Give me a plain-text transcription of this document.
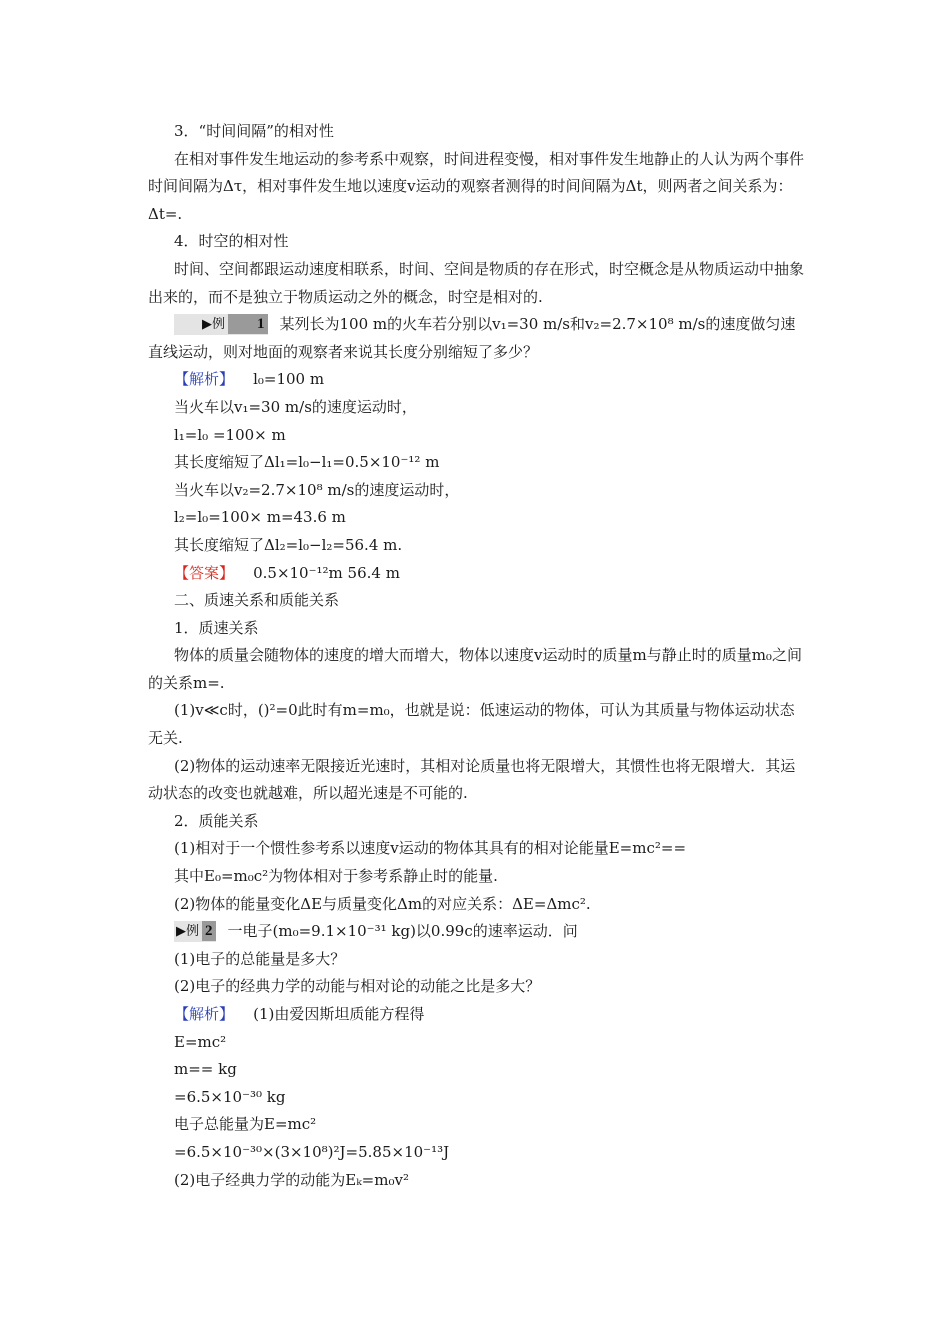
3．“时间间隔”的相对性

在相对事件发生地运动的参考系中观察，时间进程变慢，相对事件发生地静止的人认为两个事件时间间隔为Δτ，相对事件发生地以速度v运动的观察者测得的时间间隔为Δt，则两者之间关系为：Δt=.

4．时空的相对性

时间、空间都跟运动速度相联系，时间、空间是物质的存在形式，时空概念是从物质运动中抽象出来的，而不是独立于物质运动之外的概念，时空是相对的.

▶例 1 某列长为100 m的火车若分别以v₁=30 m/s和v₂=2.7×10⁸ m/s的速度做匀速直线运动，则对地面的观察者来说其长度分别缩短了多少？

【解析】 l₀=100 m

当火车以v₁=30 m/s的速度运动时，

l₁=l₀ =100× m

其长度缩短了Δl₁=l₀−l₁=0.5×10⁻¹² m

当火车以v₂=2.7×10⁸ m/s的速度运动时，

l₂=l₀=100× m=43.6 m

其长度缩短了Δl₂=l₀−l₂=56.4 m.

【答案】 0.5×10⁻¹²m 56.4 m

二、质速关系和质能关系

1．质速关系

物体的质量会随物体的速度的增大而增大，物体以速度v运动时的质量m与静止时的质量m₀之间的关系m=.

(1)v≪c时，()²=0此时有m=m₀，也就是说：低速运动的物体，可认为其质量与物体运动状态无关.

(2)物体的运动速率无限接近光速时，其相对论质量也将无限增大，其惯性也将无限增大．其运动状态的改变也就越难，所以超光速是不可能的.

2．质能关系

(1)相对于一个惯性参考系以速度v运动的物体其具有的相对论能量E=mc²==

其中E₀=m₀c²为物体相对于参考系静止时的能量.

(2)物体的能量变化ΔE与质量变化Δm的对应关系：ΔE=Δmc².

▶例 2 一电子(m₀=9.1×10⁻³¹ kg)以0.99c的速率运动．问

(1)电子的总能量是多大？

(2)电子的经典力学的动能与相对论的动能之比是多大？

【解析】 (1)由爱因斯坦质能方程得

E=mc²

m== kg

=6.5×10⁻³⁰ kg

电子总能量为E=mc²

=6.5×10⁻³⁰×(3×10⁸)²J=5.85×10⁻¹³J

(2)电子经典力学的动能为Eₖ=m₀v²
